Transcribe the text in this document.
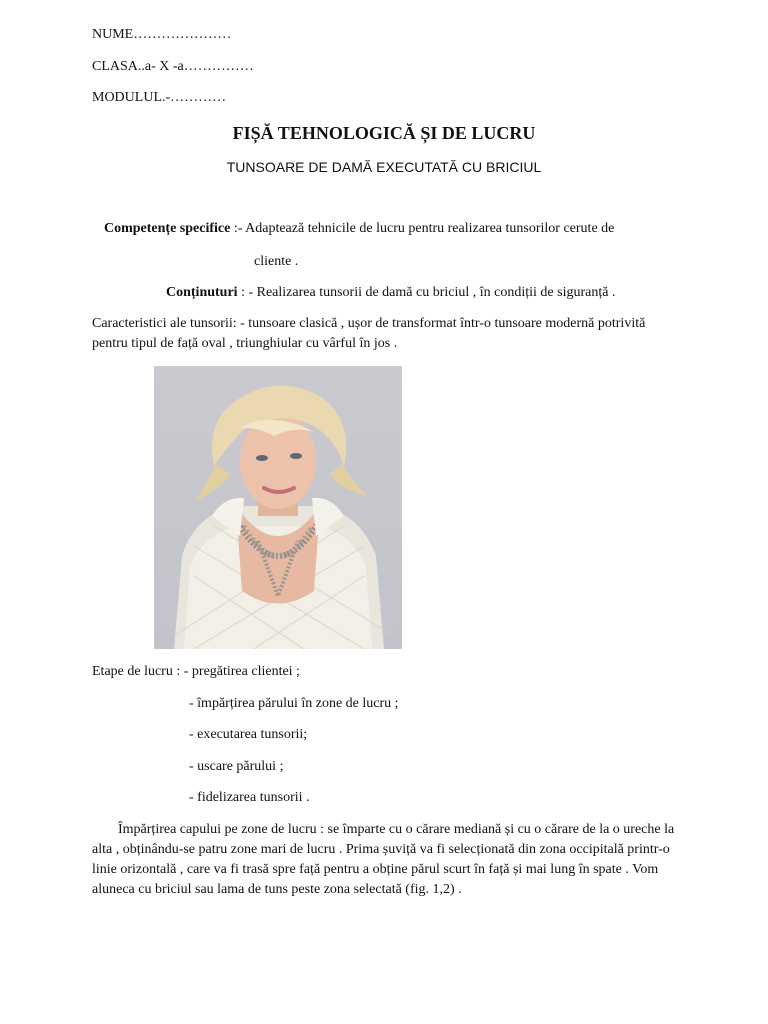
NUME…………………
CLASA..a- X -a……………
MODULUL.-…………
FIȘĂ TEHNOLOGICĂ ȘI DE LUCRU
TUNSOARE DE DAMĂ EXECUTATĂ CU BRICIUL
Competențe specifice :- Adaptează tehnicile de lucru pentru realizarea tunsorilor cerute de
cliente .
Conținuturi : - Realizarea tunsorii de damă cu briciul , în condiții de siguranță .
Caracteristici ale tunsorii: - tunsoare clasică , ușor de transformat într-o tunsoare modernă potrivită pentru tipul de față oval , triunghiular cu vârful în jos .
Etape de lucru : - pregătirea clientei ;
- împărțirea părului în zone de lucru ;
- executarea tunsorii;
- uscare părului ;
- fidelizarea tunsorii .
Împărțirea capului pe zone de lucru : se împarte cu o cărare mediană și cu o cărare de la o ureche la alta , obținându-se patru zone mari de lucru . Prima șuviță va fi selecționată din zona occipitală printr-o linie orizontală , care va fi trasă spre față pentru a obține părul scurt în față și mai lung în spate . Vom aluneca cu briciul sau lama de tuns peste zona selectată (fig. 1,2) .
